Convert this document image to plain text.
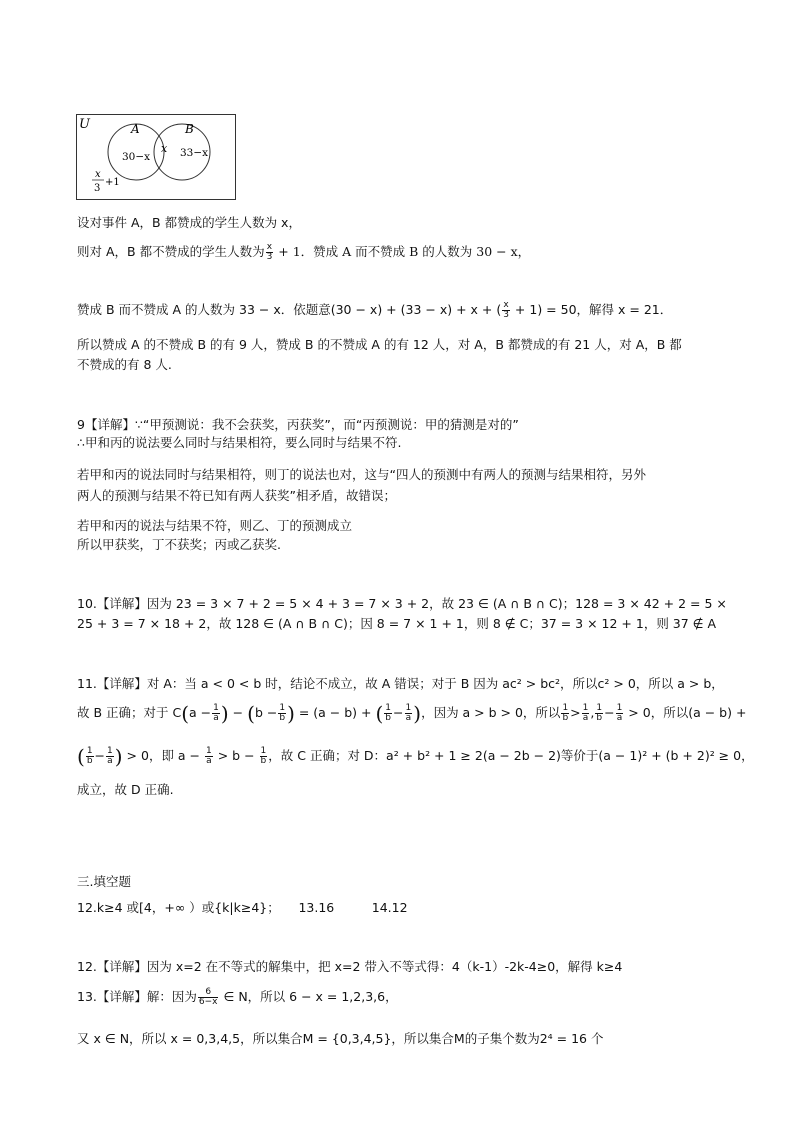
U	A	B
30−x
x 33−x
x
3
+1
设对事件 A，B 都赞成的学生人数为 x，
则对 A，B 都不赞成的学生人数为 $\frac{x}{3} + 1$．赞成 A 而不赞成 B 的人数为 30 − x，
赞成 B 而不赞成 A 的人数为 33 − x．依题意(30 − x) + (33 − x) + x + ( $\frac{x}{3} + 1) = 50$，解得 x = 21．
所以赞成 A 的不赞成 B 的有 9 人，赞成 B 的不赞成 A 的有 12 人，对 A，B 都赞成的有 21 人，对 A，B 都
不赞成的有 8 人.
9【详解】∵“甲预测说：我不会获奖，丙获奖”，而“丙预测说：甲的猜测是对的”
∴甲和丙的说法要么同时与结果相符，要么同时与结果不符.
若甲和丙的说法同时与结果相符，则丁的说法也对，这与“四人的预测中有两人的预测与结果相符，另外
两人的预测与结果不符已知有两人获奖”相矛盾，故错误；
若甲和丙的说法与结果不符，则乙、丁的预测成立
所以甲获奖，丁不获奖；丙或乙获奖.
10.【详解】因为 23 = 3 × 7 + 2 = 5 × 4 + 3 = 7 × 3 + 2，故 23 ∈ (A ∩ B ∩ C)；128 = 3 × 42 + 2 = 5 ×
25 + 3 = 7 × 18 + 2，故 128 ∈ (A ∩ B ∩ C)；因 8 = 7 × 1 + 1，则 8 ∉ C；37 = 3 × 12 + 1，则 37 ∉ A
11.【详解】对 A：当 a < 0 < b 时，结论不成立，故 A 错误；对于 B 因为 ac² > bc²，所以c² > 0，所以 a > b，
故 B 正确；对于 $C(a - \frac{1}{a}$ ) − ($b - \frac{1}{b}$ ) = (a − b) + ( $\frac{1}{b} - \frac{1}{a}$ )，因为 a > b > 0，所以 $\frac{1}{b} > \frac{1}{a}$ , $\frac{1}{b} - \frac{1}{a} > 0$，所以(a − b) +
( $\frac{1}{b} - \frac{1}{a}$ ) > 0，即 $a - \frac{1}{a} > b - \frac{1}{b}$ ，故 C 正确；对 D：a² + b² + 1 ≥ 2(a − 2b − 2)等价于(a − 1)² + (b + 2)² ≥ 0，
成立，故 D 正确.
三.填空题
12.k≥4 或[4，+∞ ）或{k|k≥4}；　　13.16　　　14.12
12.【详解】因为 x=2 在不等式的解集中，把 x=2 带入不等式得：4（k-1）-2k-4≥0，解得 k≥4
13.【详解】解：因为 $\frac{6}{6-x}$ ∈ N，所以 6 − x = 1,2,3,6，
又 x ∈ N，所以 x = 0,3,4,5，所以集合M = {0,3,4,5}，所以集合M的子集个数为2⁴ = 16 个
